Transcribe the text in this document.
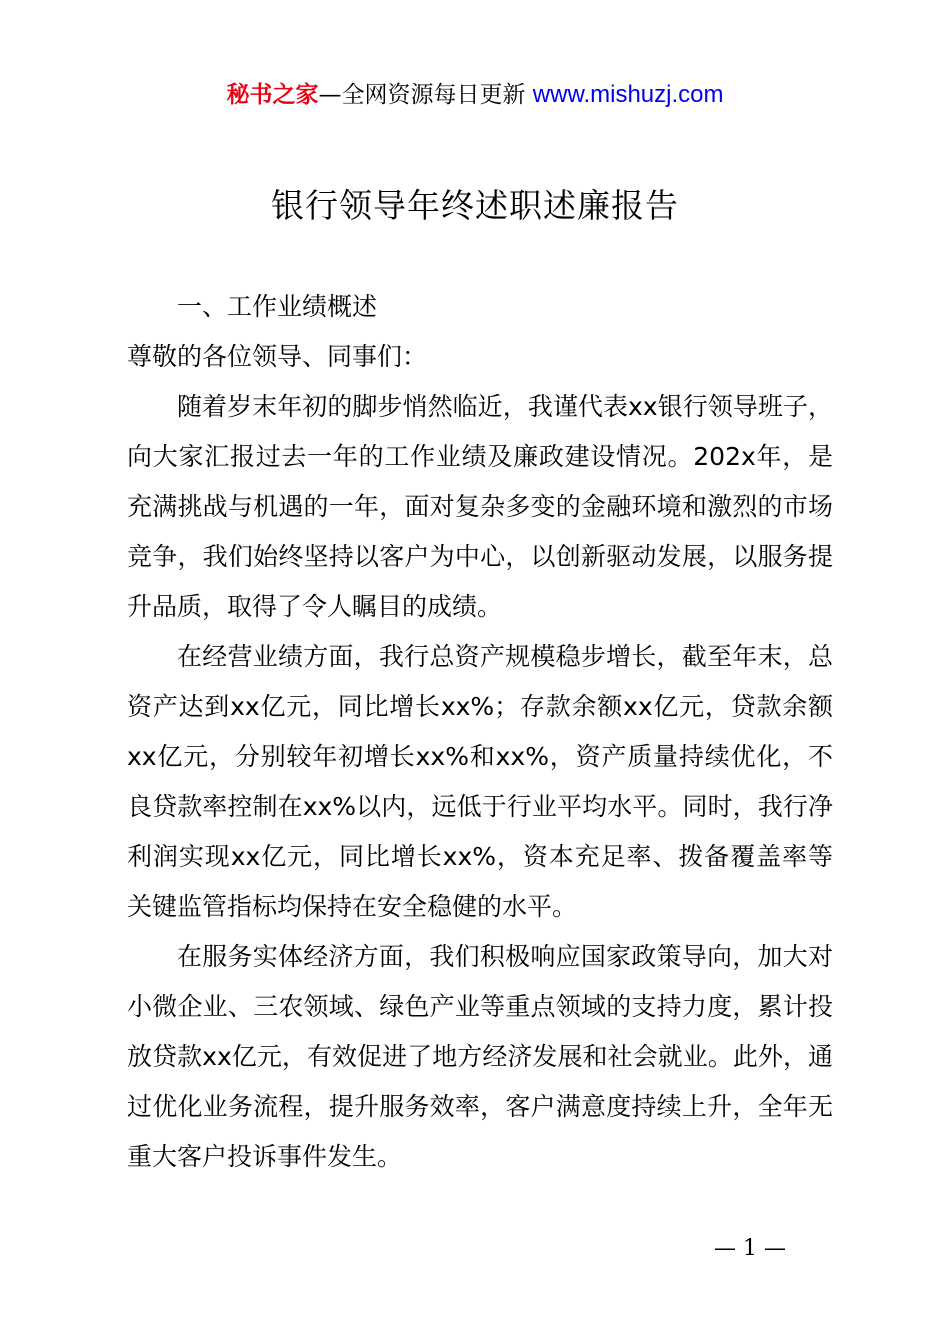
秘书之家—全网资源每日更新 www.mishuzj.com
银行领导年终述职述廉报告

一、工作业绩概述

尊敬的各位领导、同事们：

随着岁末年初的脚步悄然临近，我谨代表xx银行领导班子，向大家汇报过去一年的工作业绩及廉政建设情况。202x年，是充满挑战与机遇的一年，面对复杂多变的金融环境和激烈的市场竞争，我们始终坚持以客户为中心，以创新驱动发展，以服务提升品质，取得了令人瞩目的成绩。

在经营业绩方面，我行总资产规模稳步增长，截至年末，总资产达到xx亿元，同比增长xx%；存款余额xx亿元，贷款余额xx亿元，分别较年初增长xx%和xx%，资产质量持续优化，不良贷款率控制在xx%以内，远低于行业平均水平。同时，我行净利润实现xx亿元，同比增长xx%，资本充足率、拨备覆盖率等关键监管指标均保持在安全稳健的水平。

在服务实体经济方面，我们积极响应国家政策导向，加大对小微企业、三农领域、绿色产业等重点领域的支持力度，累计投放贷款xx亿元，有效促进了地方经济发展和社会就业。此外，通过优化业务流程，提升服务效率，客户满意度持续上升，全年无重大客户投诉事件发生。

— 1 —
